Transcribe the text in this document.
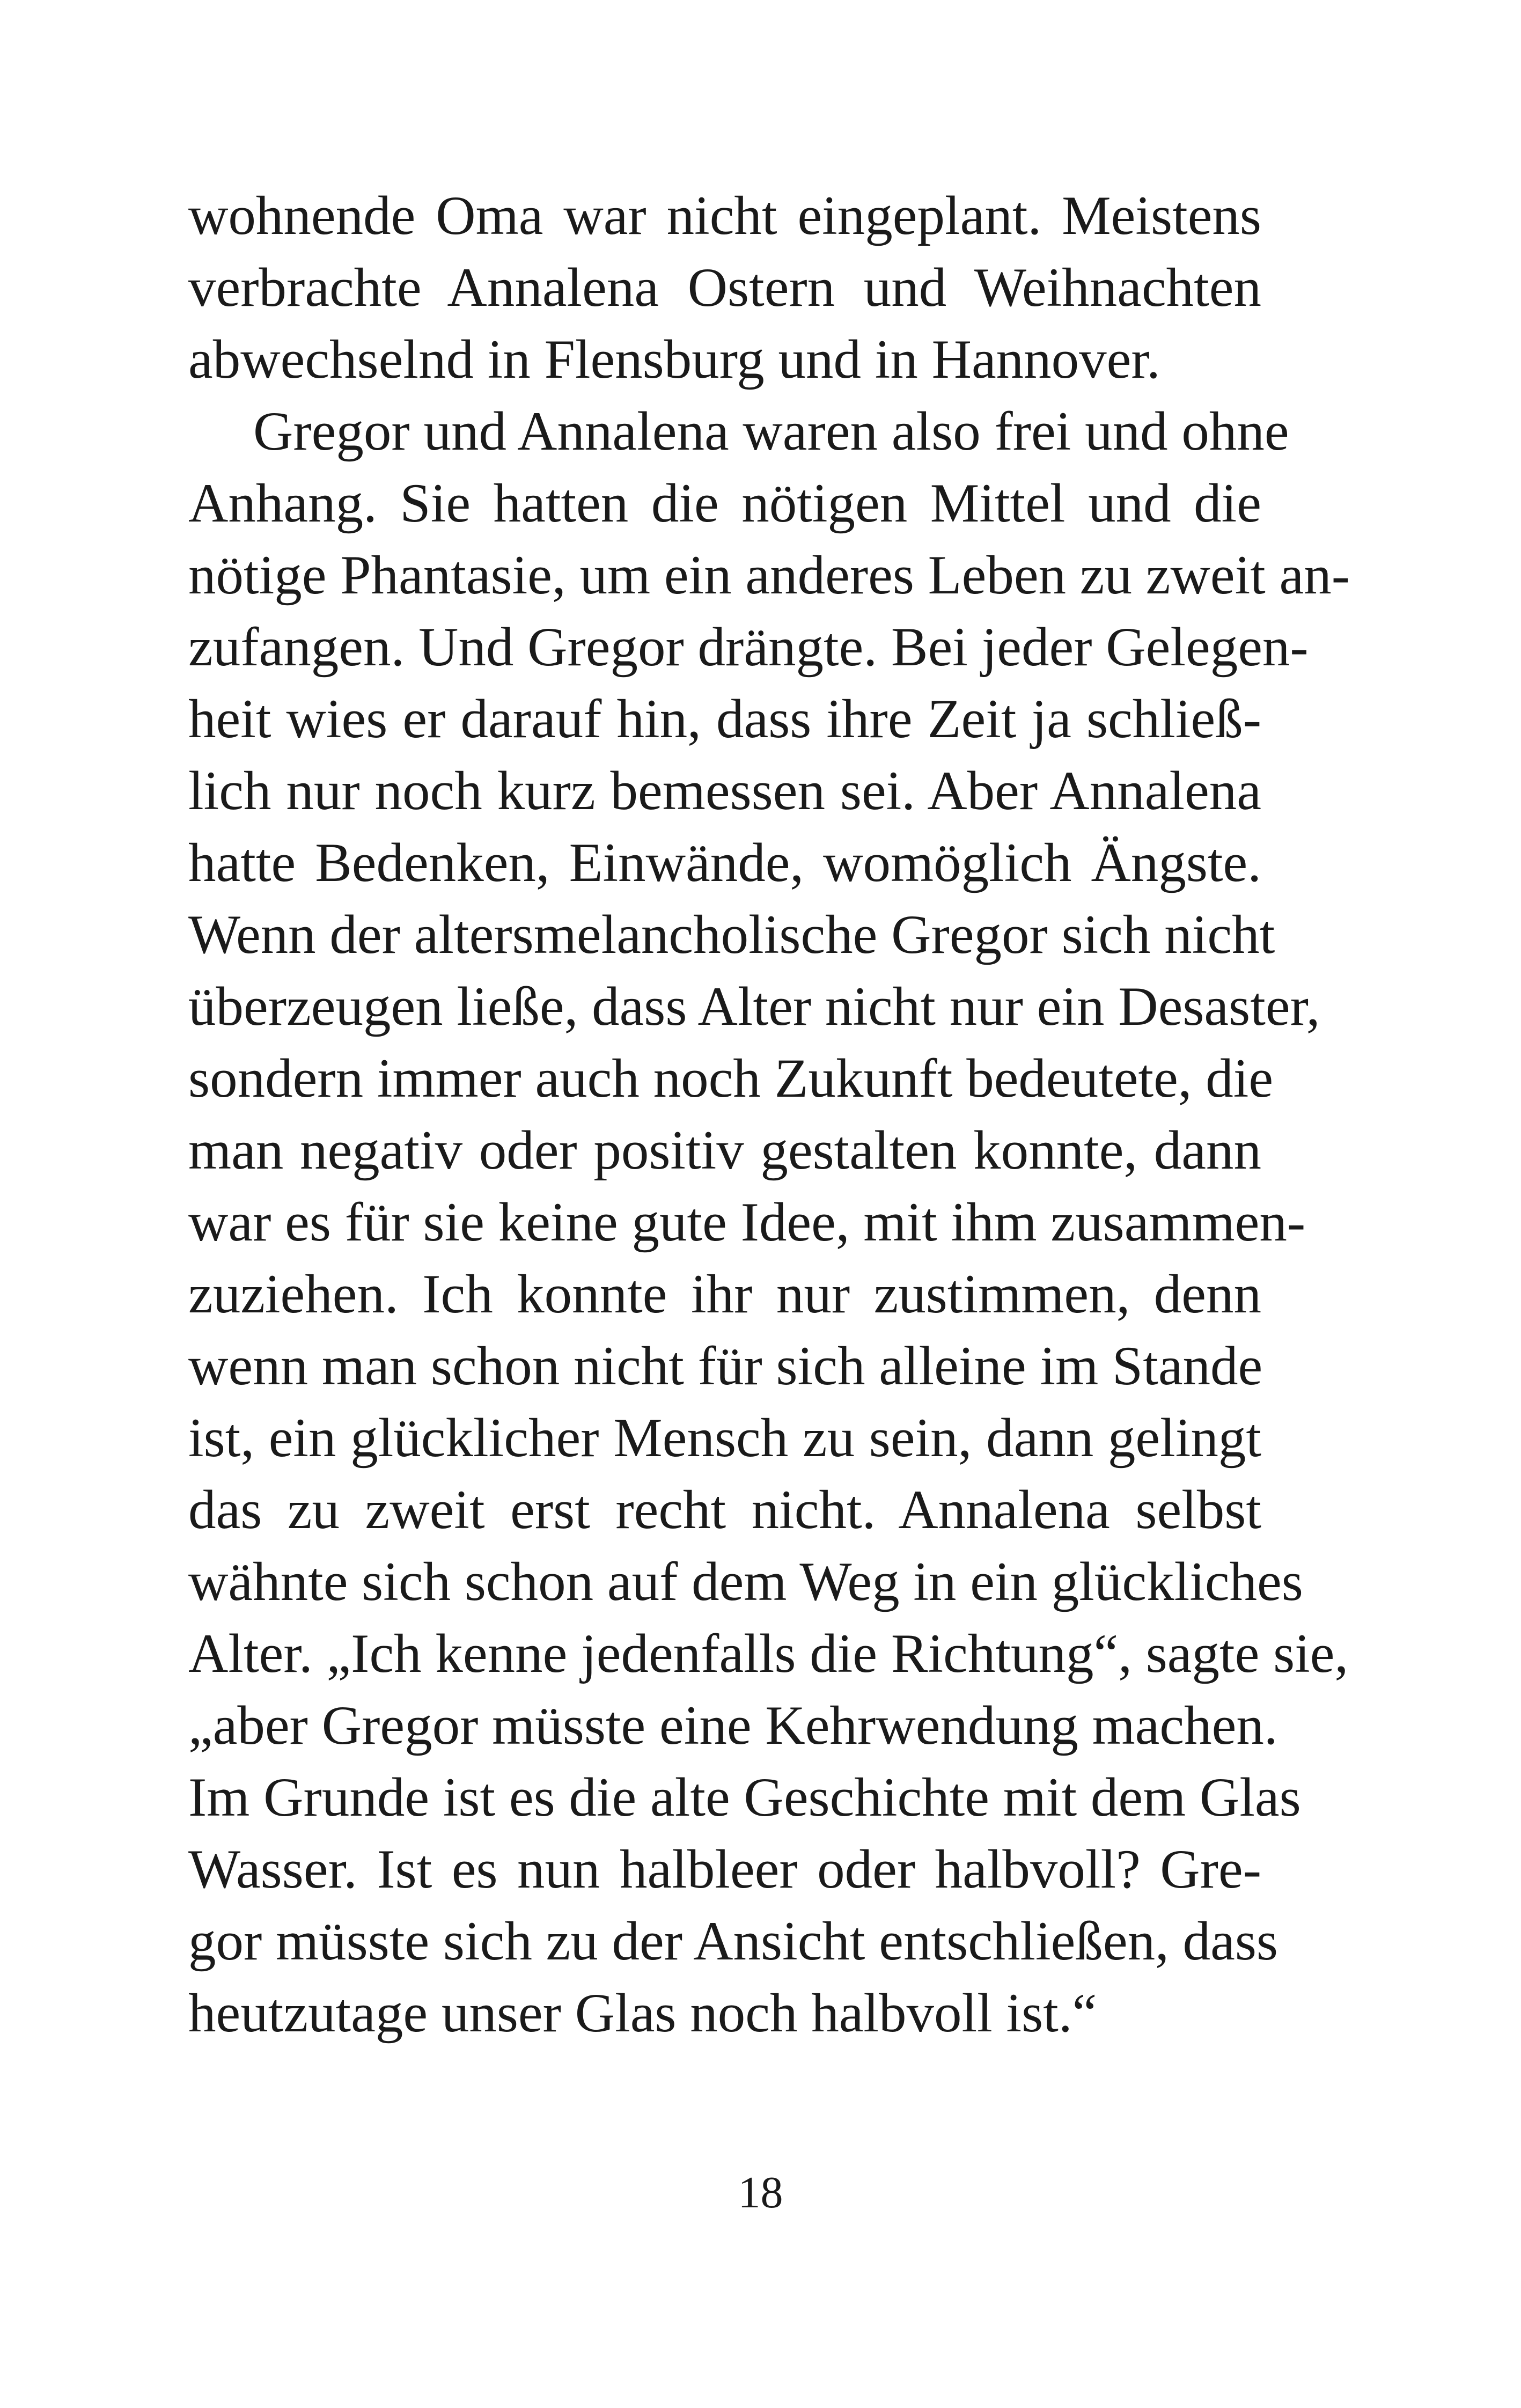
wohnende Oma war nicht eingeplant. Meistens
verbrachte Annalena Ostern und Weihnachten
abwechselnd in Flensburg und in Hannover.
Gregor und Annalena waren also frei und ohne
Anhang. Sie hatten die nötigen Mittel und die
nötige Phantasie, um ein anderes Leben zu zweit an-
zufangen. Und Gregor drängte. Bei jeder Gelegen-
heit wies er darauf hin, dass ihre Zeit ja schließ-
lich nur noch kurz bemessen sei. Aber Annalena
hatte Bedenken, Einwände, womöglich Ängste.
Wenn der altersmelancholische Gregor sich nicht
überzeugen ließe, dass Alter nicht nur ein Desaster,
sondern immer auch noch Zukunft bedeutete, die
man negativ oder positiv gestalten konnte, dann
war es für sie keine gute Idee, mit ihm zusammen-
zuziehen. Ich konnte ihr nur zustimmen, denn
wenn man schon nicht für sich alleine im Stande
ist, ein glücklicher Mensch zu sein, dann gelingt
das zu zweit erst recht nicht. Annalena selbst
wähnte sich schon auf dem Weg in ein glückliches
Alter. „Ich kenne jedenfalls die Richtung“, sagte sie,
„aber Gregor müsste eine Kehrwendung machen.
Im Grunde ist es die alte Geschichte mit dem Glas
Wasser. Ist es nun halbleer oder halbvoll? Gre-
gor müsste sich zu der Ansicht entschließen, dass
heutzutage unser Glas noch halbvoll ist.“
18
